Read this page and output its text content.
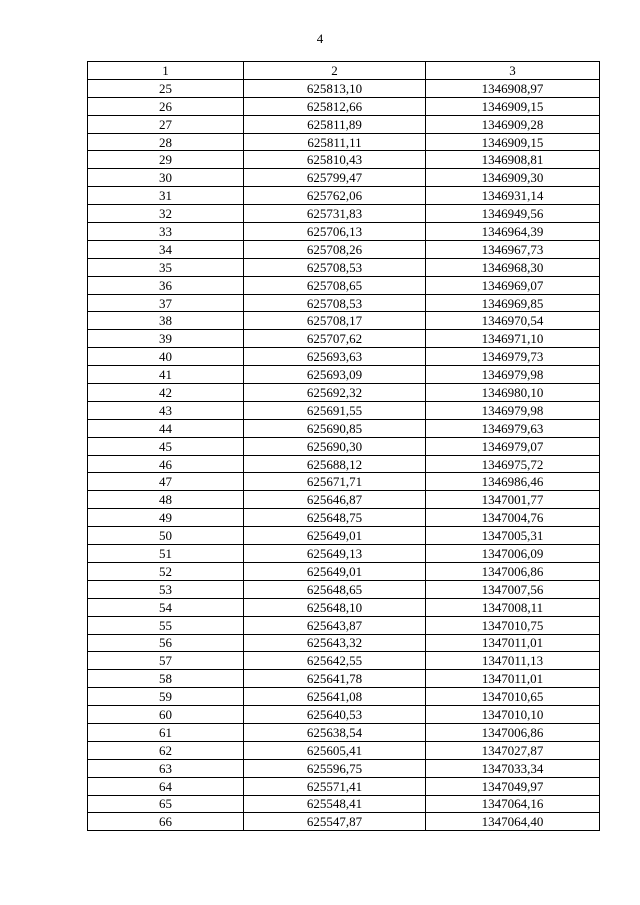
4
1	2	3
25	625813,10	1346908,97
26	625812,66	1346909,15
27	625811,89	1346909,28
28	625811,11	1346909,15
29	625810,43	1346908,81
30	625799,47	1346909,30
31	625762,06	1346931,14
32	625731,83	1346949,56
33	625706,13	1346964,39
34	625708,26	1346967,73
35	625708,53	1346968,30
36	625708,65	1346969,07
37	625708,53	1346969,85
38	625708,17	1346970,54
39	625707,62	1346971,10
40	625693,63	1346979,73
41	625693,09	1346979,98
42	625692,32	1346980,10
43	625691,55	1346979,98
44	625690,85	1346979,63
45	625690,30	1346979,07
46	625688,12	1346975,72
47	625671,71	1346986,46
48	625646,87	1347001,77
49	625648,75	1347004,76
50	625649,01	1347005,31
51	625649,13	1347006,09
52	625649,01	1347006,86
53	625648,65	1347007,56
54	625648,10	1347008,11
55	625643,87	1347010,75
56	625643,32	1347011,01
57	625642,55	1347011,13
58	625641,78	1347011,01
59	625641,08	1347010,65
60	625640,53	1347010,10
61	625638,54	1347006,86
62	625605,41	1347027,87
63	625596,75	1347033,34
64	625571,41	1347049,97
65	625548,41	1347064,16
66	625547,87	1347064,40
